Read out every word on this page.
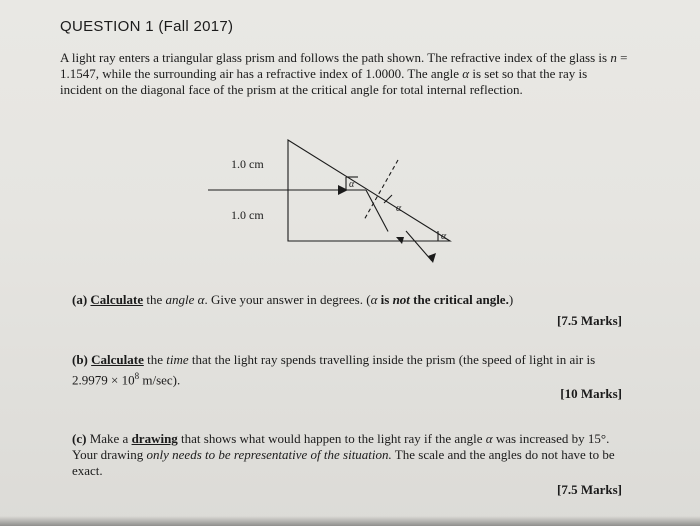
QUESTION 1 (Fall 2017)
A light ray enters a triangular glass prism and follows the path shown. The refractive index of the glass is n = 1.1547, while the surrounding air has a refractive index of 1.0000. The angle α is set so that the ray is incident on the diagonal face of the prism at the critical angle for total internal reflection.
1.0 cm
1.0 cm
α
α
α
(a) Calculate the angle α. Give your answer in degrees. (α is not the critical angle.)
[7.5 Marks]
(b) Calculate the time that the light ray spends travelling inside the prism (the speed of light in air is $2.9979 \times 10^8$ m/sec).
[10 Marks]
(c) Make a drawing that shows what would happen to the light ray if the angle α was increased by 15°. Your drawing only needs to be representative of the situation. The scale and the angles do not have to be exact.
[7.5 Marks]
